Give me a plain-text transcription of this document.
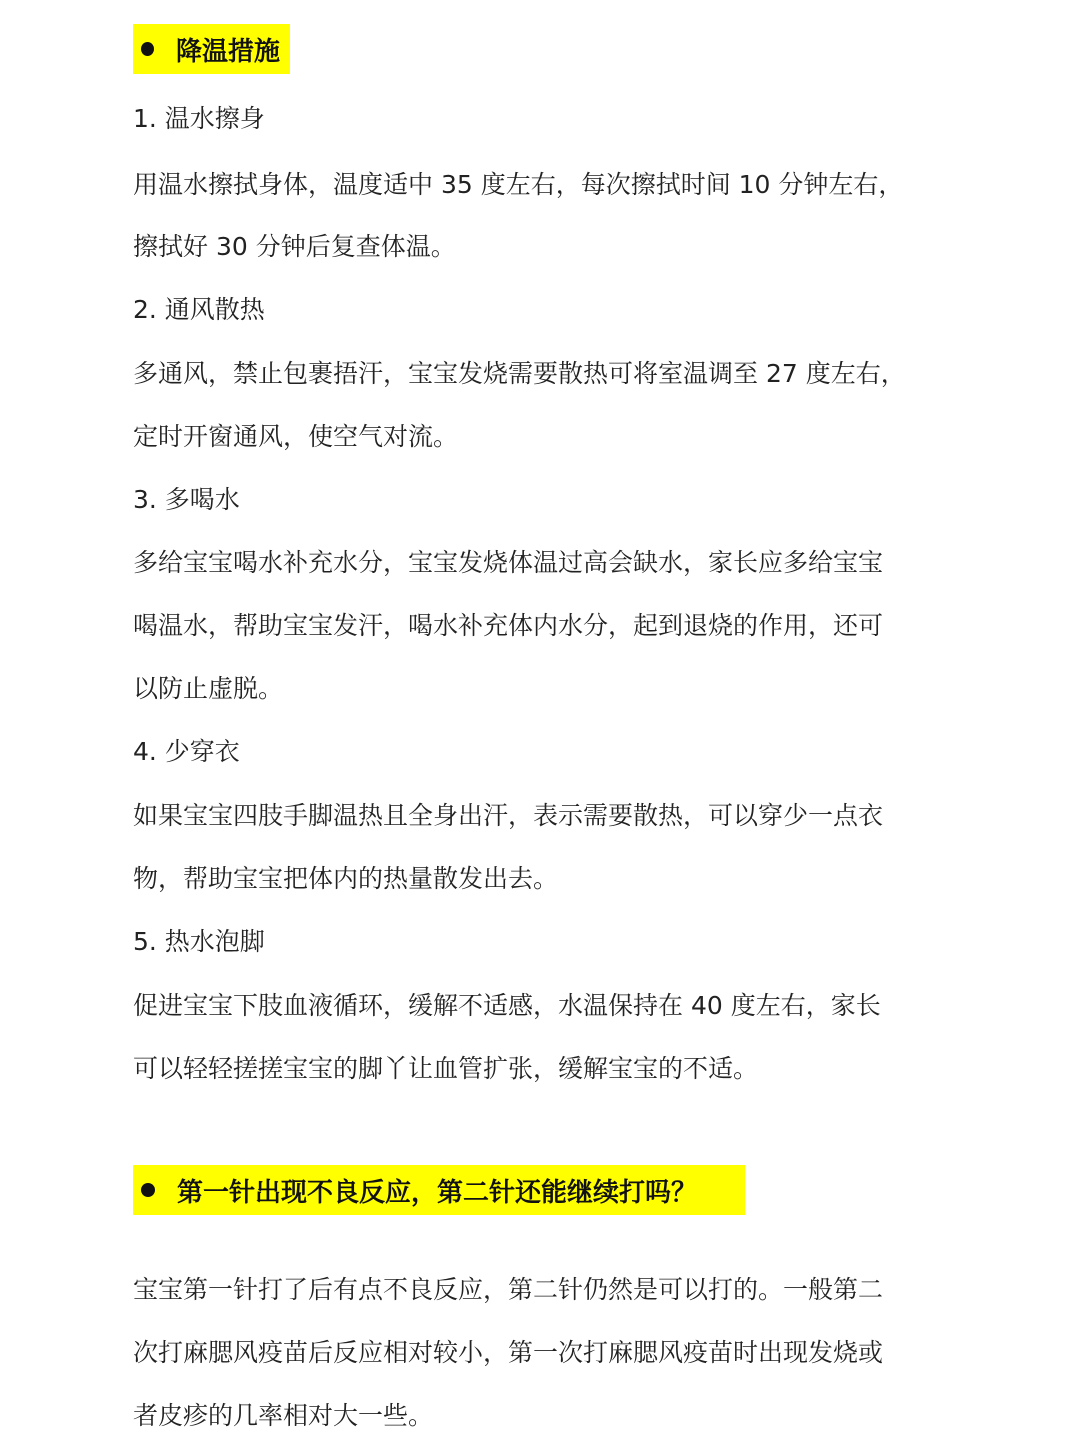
降温措施
1. 温水擦身
用温水擦拭身体，温度适中 35 度左右，每次擦拭时间 10 分钟左右，
擦拭好 30 分钟后复查体温。
2. 通风散热
多通风，禁止包裹捂汗，宝宝发烧需要散热可将室温调至 27 度左右，
定时开窗通风，使空气对流。
3. 多喝水
多给宝宝喝水补充水分，宝宝发烧体温过高会缺水，家长应多给宝宝
喝温水，帮助宝宝发汗，喝水补充体内水分，起到退烧的作用，还可
以防止虚脱。
4. 少穿衣
如果宝宝四肢手脚温热且全身出汗，表示需要散热，可以穿少一点衣
物，帮助宝宝把体内的热量散发出去。
5. 热水泡脚
促进宝宝下肢血液循环，缓解不适感，水温保持在 40 度左右，家长
可以轻轻搓搓宝宝的脚丫让血管扩张，缓解宝宝的不适。
第一针出现不良反应，第二针还能继续打吗？
宝宝第一针打了后有点不良反应，第二针仍然是可以打的。一般第二
次打麻腮风疫苗后反应相对较小，第一次打麻腮风疫苗时出现发烧或
者皮疹的几率相对大一些。
